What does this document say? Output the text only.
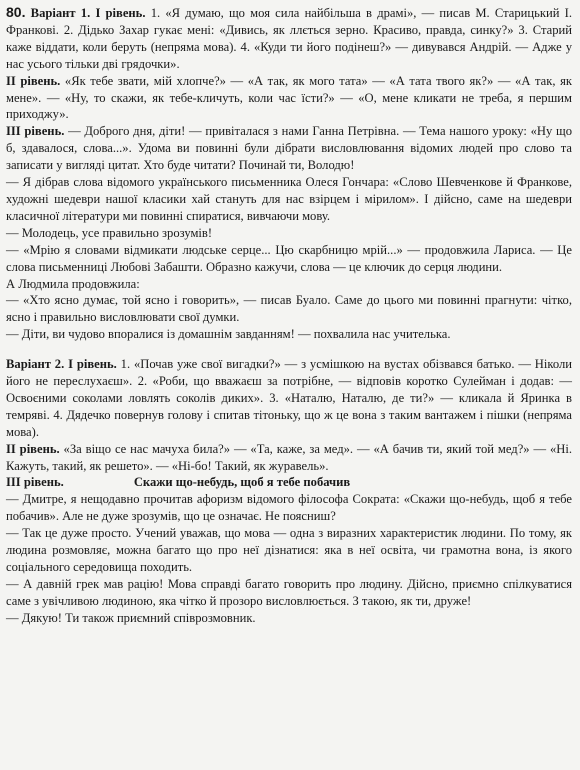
80. Варіант 1. І рівень. 1. «Я думаю, що моя сила найбільша в драмі», — писав М. Старицький І. Франкові. 2. Дідько Захар гукає мені: «Дивись, як ллється зерно. Красиво, правда, синку?» 3. Старий каже віддати, коли беруть (непряма мова). 4. «Куди ти його подінеш?» — дивувався Андрій. — Адже у нас усього тільки дві грядочки».

ІІ рівень. «Як тебе звати, мій хлопче?» — «А так, як мого тата» — «А тата твого як?» — «А так, як мене». — «Ну, то скажи, як тебе-кличуть, коли час їсти?» — «О, мене кликати не треба, я першим приходжу».

ІІІ рівень. — Доброго дня, діти! — привіталася з нами Ганна Петрівна. — Тема нашого уроку: «Ну що б, здавалося, слова...». Удома ви повинні були дібрати висловлювання відомих людей про слово та записати у вигляді цитат. Хто буде читати? Починай ти, Володю!

— Я дібрав слова відомого українського письменника Олеся Гончара: «Слово Шевченкове й Франкове, художні шедеври нашої класики хай стануть для нас взірцем і мірилом». І дійсно, саме на шедеври класичної літератури ми повинні спиратися, вивчаючи мову.

— Молодець, усе правильно зрозумів!

— «Мрію я словами відмикати людське серце... Цю скарбницю мрій...» — продовжила Лариса. — Це слова письменниці Любові Забашти. Образно кажучи, слова — це ключик до серця людини.

А Людмила продовжила:

— «Хто ясно думає, той ясно і говорить», — писав Буало. Саме до цього ми повинні прагнути: чітко, ясно і правильно висловлювати свої думки.

— Діти, ви чудово впоралися із домашнім завданням! — похвалила нас учителька.

Варіант 2. І рівень. 1. «Почав уже свої вигадки?» — з усмішкою на вустах обізвався батько. — Ніколи його не переслухаєш». 2. «Роби, що вважаєш за потрібне, — відповів коротко Сулейман і додав: — Освоєними соколами ловлять соколів диких». 3. «Наталю, Наталю, де ти?» — кликала й Яринка в темряві. 4. Дядечко повернув голову і спитав тітоньку, що ж це вона з таким вантажем і пішки (непряма мова).

ІІ рівень. «За віщо се нас мачуха била?» — «Та, каже, за мед». — «А бачив ти, який той мед?» — «Ні. Кажуть, такий, як решето». — «Ні-бо! Такий, як журавель».

ІІІ рівень.	Скажи що-небудь, щоб я тебе побачив

— Дмитре, я нещодавно прочитав афоризм відомого філософа Сократа: «Скажи що-небудь, щоб я тебе побачив». Але не дуже зрозумів, що це означає. Не поясниш?

— Так це дуже просто. Учений уважав, що мова — одна з виразних характеристик людини. По тому, як людина розмовляє, можна багато що про неї дізнатися: яка в неї освіта, чи грамотна вона, із якого соціального середовища походить.

— А давній грек мав рацію! Мова справді багато говорить про людину. Дійсно, приємно спілкуватися саме з увічливою людиною, яка чітко й прозоро висловлюється. З такою, як ти, друже!

— Дякую! Ти також приємний співрозмовник.
